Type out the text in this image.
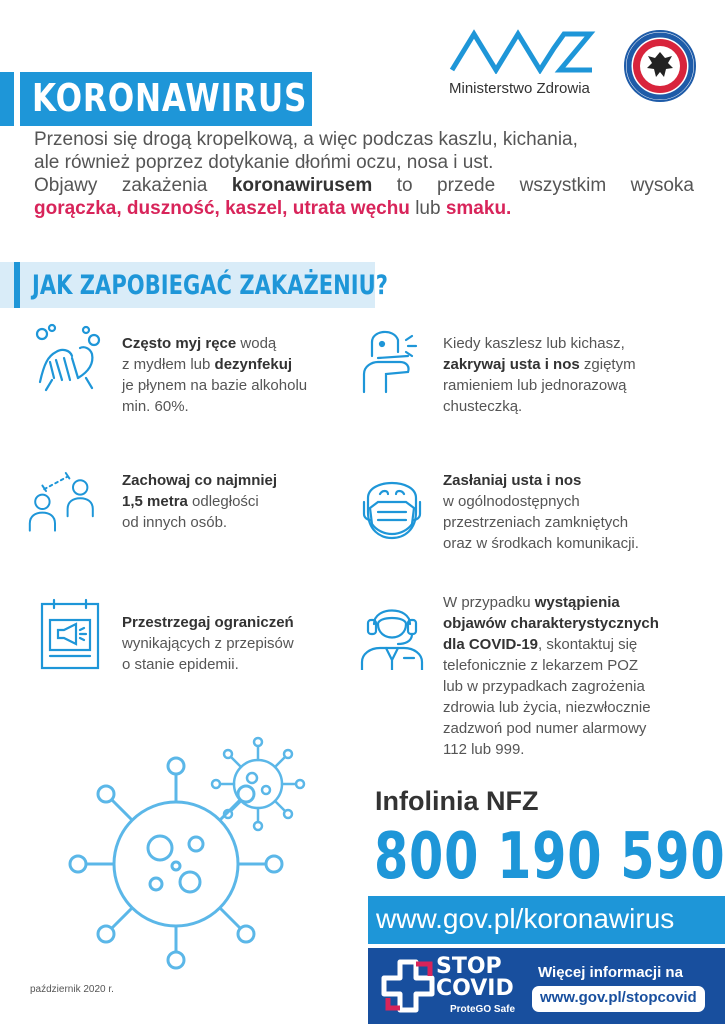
KORONAWIRUS	Ministerstwo Zdrowia

Przenosi się drogą kropelkową, a więc podczas kaszlu, kichania,

ale również poprzez dotykanie dłońmi oczu, nosa i ust.

Objawy zakażenia koronawirusem to przede wszystkim wysoka

gorączka, duszność, kaszel, utrata węchu lub smaku.

JAK ZAPOBIEGAĆ ZAKAŻENIU?
Często myj ręce wodą
z mydłem lub dezynfekuj
je płynem na bazie alkoholu
min. 60%.
Kiedy kaszlesz lub kichasz,
zakrywaj usta i nos zgiętym
ramieniem lub jednorazową
chusteczką.
Zachowaj co najmniej
1,5 metra odległości
od innych osób.
Zasłaniaj usta i nos
w ogólnodostępnych
przestrzeniach zamkniętych
oraz w środkach komunikacji.
Przestrzegaj ograniczeń
wynikających z przepisów
o stanie epidemii.
W przypadku wystąpienia
objawów charakterystycznych
dla COVID-19, skontaktuj się
telefonicznie z lekarzem POZ
lub w przypadkach zagrożenia
zdrowia lub życia, niezwłocznie
zadzwoń pod numer alarmowy
112 lub 999.
Infolinia NFZ
800 190 590
www.gov.pl/koronawirus
STOP
COVID
ProteGO Safe
Więcej informacji na
www.gov.pl/stopcovid
październik 2020 r.
